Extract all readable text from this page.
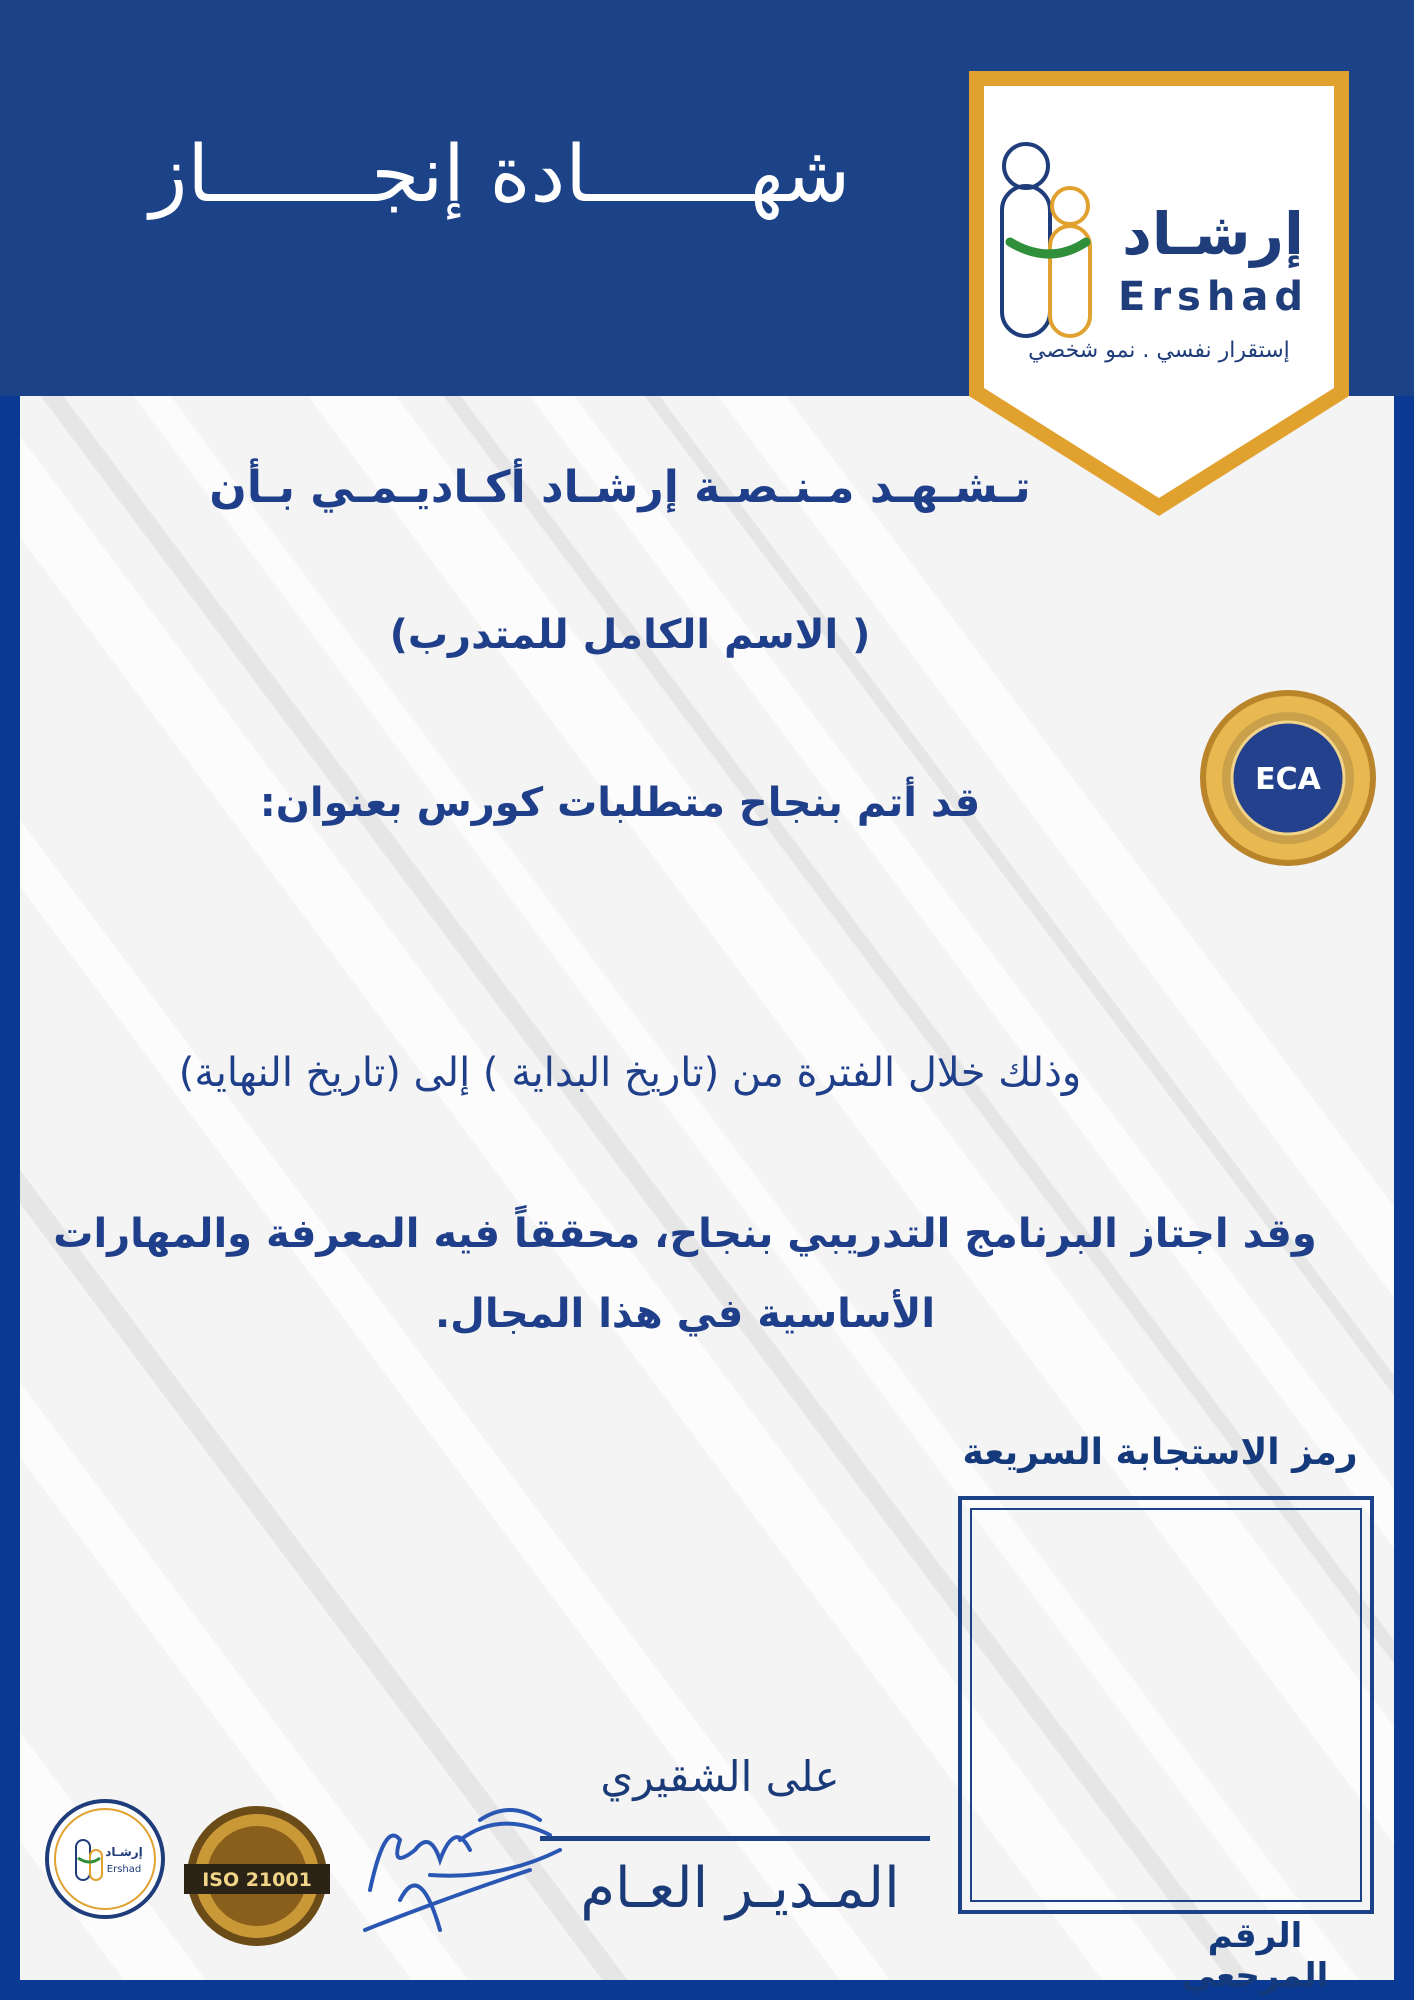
شهـــــــادة إنجـــــــاز
إرشـاد
Ershad
إستقرار نفسي . نمو شخصي
تـشـهـد مـنـصـة إرشـاد أكـاديـمـي بـأن
( الاسم الكامل للمتدرب)
قد أتم بنجاح متطلبات كورس بعنوان:
وذلك خلال الفترة من (تاريخ البداية ) إلى (تاريخ النهاية)
وقد اجتاز البرنامج التدريبي بنجاح، محققاً فيه المعرفة والمهارات الأساسية في هذا المجال.
ECA
رمز الاستجابة السريعة
الرقم المرجعي
على الشقيري
المـديـر العـام
ISO 21001
إرشـاد
Ershad
